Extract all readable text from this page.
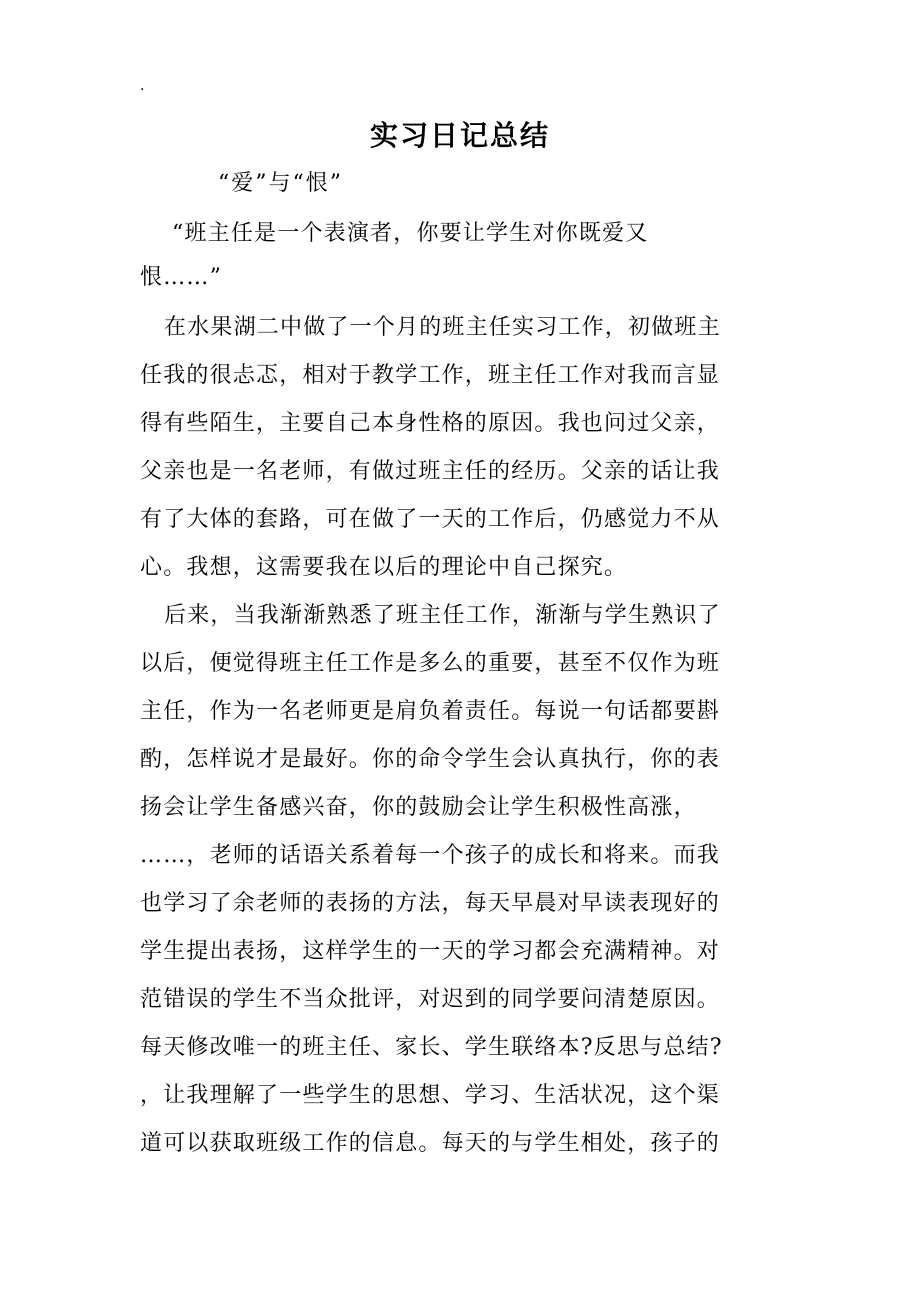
.
实习日记总结
“爱”与“恨”
“班主任是一个表演者，你要让学生对你既爱又
恨……”
在水果湖二中做了一个月的班主任实习工作，初做班主
任我的很忐忑，相对于教学工作，班主任工作对我而言显
得有些陌生，主要自己本身性格的原因。我也问过父亲，
父亲也是一名老师，有做过班主任的经历。父亲的话让我
有了大体的套路，可在做了一天的工作后，仍感觉力不从
心。我想，这需要我在以后的理论中自己探究。
后来，当我渐渐熟悉了班主任工作，渐渐与学生熟识了
以后，便觉得班主任工作是多么的重要，甚至不仅作为班
主任，作为一名老师更是肩负着责任。每说一句话都要斟
酌，怎样说才是最好。你的命令学生会认真执行，你的表
扬会让学生备感兴奋，你的鼓励会让学生积极性高涨，
……，老师的话语关系着每一个孩子的成长和将来。而我
也学习了余老师的表扬的方法，每天早晨对早读表现好的
学生提出表扬，这样学生的一天的学习都会充满精神。对
范错误的学生不当众批评，对迟到的同学要问清楚原因。
每天修改唯一的班主任、家长、学生联络本?反思与总结?
，让我理解了一些学生的思想、学习、生活状况，这个渠
道可以获取班级工作的信息。每天的与学生相处，孩子的
